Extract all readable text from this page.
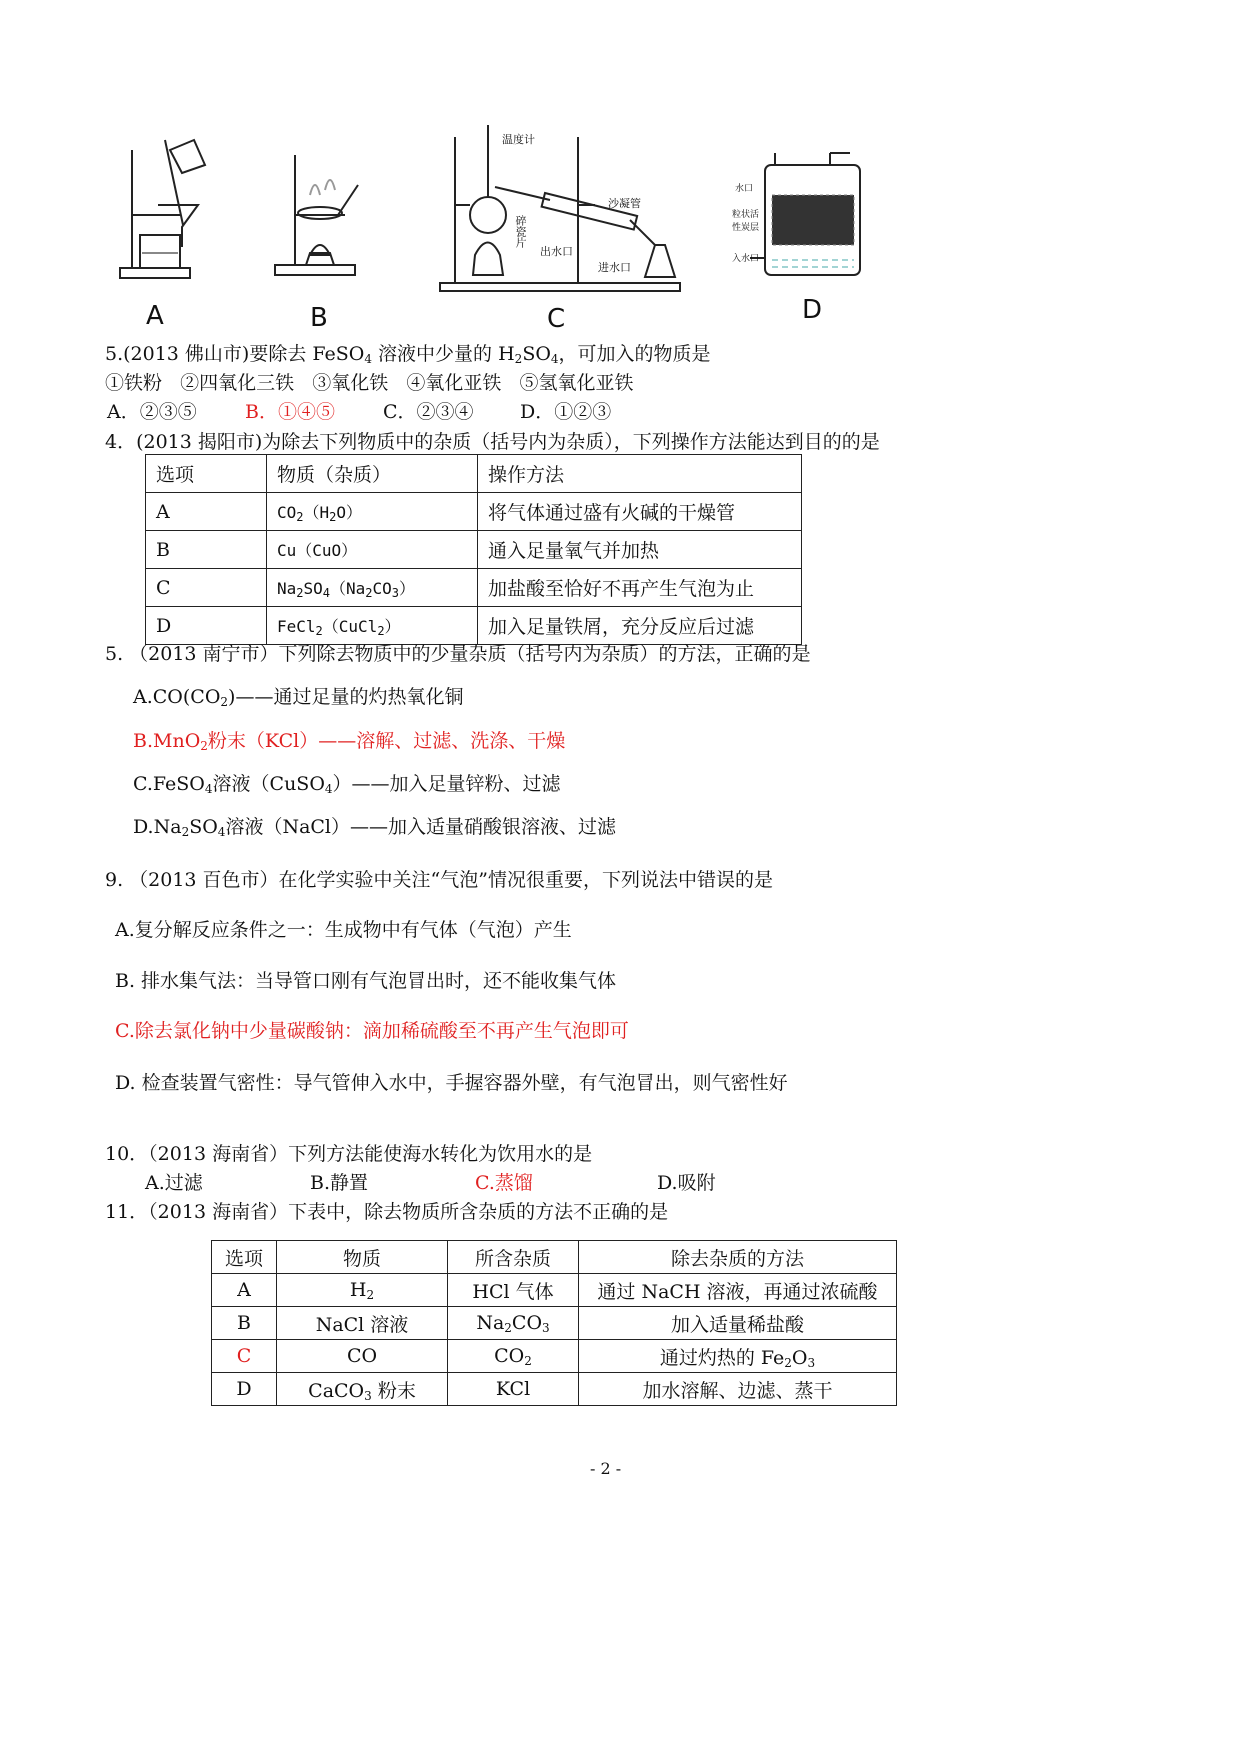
温度计
沙凝管
碎瓷片
出水口
进水口
水口
粒状活性炭层
入水口
A	B	C	D
5.(2013 佛山市)要除去 FeSO$_4$ 溶液中少量的 $H_2SO_4$，可加入的物质是
①铁粉   ②四氧化三铁   ③氧化铁   ④氧化亚铁   ⑤氢氧化亚铁
A．②③⑤	B．①④⑤	C．②③④ D．①②③
4．(2013 揭阳市)为除去下列物质中的杂质（括号内为杂质），下列操作方法能达到目的的是
选项	物质（杂质）	操作方法
A	$CO_2(H_2O)$	将气体通过盛有火碱的干燥管
B	Cu（CuO）	通入足量氧气并加热
C	$Na_2SO_4(Na_2CO_3)$	加盐酸至恰好不再产生气泡为止
D	FeCl$_2$（CuCl$_2$）	加入足量铁屑，充分反应后过滤
5. （2013 南宁市）下列除去物质中的少量杂质（括号内为杂质）的方法，正确的是
$A.CO(CO_2)——$通过足量的灼热氧化铜
B.MnO$_2$粉末（KCl）——溶解、过滤、洗涤、干燥
C.FeSO$_4$溶液（CuSO$_4$）——加入足量锌粉、过滤
$D.Na_2SO_4$溶液（NaCl）——加入适量硝酸银溶液、过滤
9. （2013 百色市）在化学实验中关注“气泡”情况很重要，下列说法中错误的是
A.复分解反应条件之一：生成物中有气体（气泡）产生
B. 排水集气法：当导管口刚有气泡冒出时，还不能收集气体
C.除去氯化钠中少量碳酸钠：滴加稀硫酸至不再产生气泡即可
D. 检查装置气密性：导气管伸入水中，手握容器外壁，有气泡冒出，则气密性好
10．（2013 海南省）下列方法能使海水转化为饮用水的是
A.过滤	B.静置	C.蒸馏	D.吸附
11．（2013 海南省）下表中，除去物质所含杂质的方法不正确的是
选项	物质	所含杂质	除去杂质的方法
A	$H_2$	HCl 气体	通过 NaCH 溶液，再通过浓硫酸
B	NaCl 溶液	$Na_2CO_3$	加入适量稀盐酸
C	CO	$CO_2$	通过灼热的 $Fe_2O_3$
D	CaCO$_3$ 粉末	KCl	加水溶解、边滤、蒸干
- 2 -
